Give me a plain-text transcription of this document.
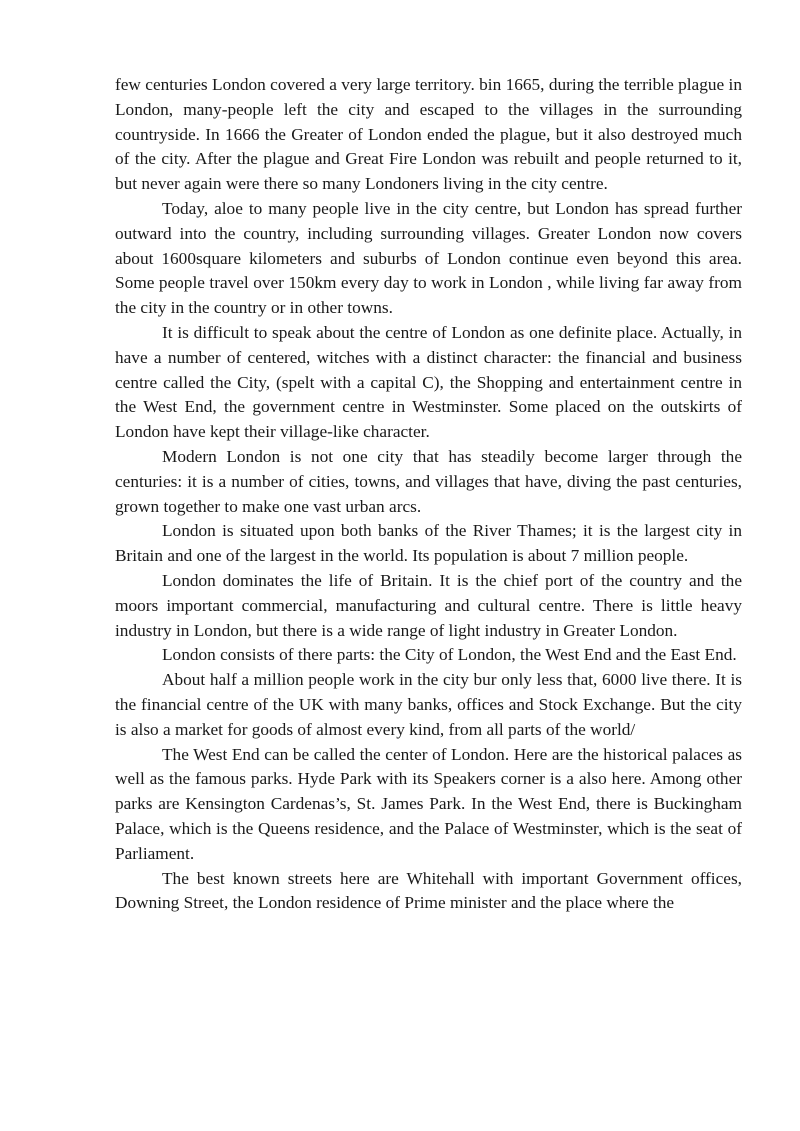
few centuries London covered a very large territory. bin 1665, during the terrible plague in London, many-people left the city and escaped to the villages in the surrounding countryside. In 1666 the Greater of London ended the plague, but it also destroyed much of the city. After the plague and Great Fire London was rebuilt and people returned to it, but never again were there so many Londoners living in the city centre.

Today, aloe to many people live in the city centre, but London has spread further outward into the country, including surrounding villages. Greater London now covers about 1600square kilometers and suburbs of London continue even beyond this area. Some people travel over 150km every day to work in London , while living far away from the city in the country or in other towns.

It is difficult to speak about the centre of London as one definite place. Actually, in have a number of centered, witches with a distinct character: the financial and business centre called the City, (spelt with a capital C), the Shopping and entertainment centre in the West End, the government centre in Westminster. Some placed on the outskirts of London have kept their village-like character.

Modern London is not one city that has steadily become larger through the centuries: it is a number of cities, towns, and villages that have, diving the past centuries, grown together to make one vast urban arcs.

London is situated upon both banks of the River Thames; it is the largest city in Britain and one of the largest in the world. Its population is about 7 million people.

London dominates the life of Britain. It is the chief port of the country and the moors important commercial, manufacturing and cultural centre. There is little heavy industry in London, but there is a wide range of light industry in Greater London.

London consists of there parts: the City of London, the West End and the East End.

About half a million people work in the city bur only less that, 6000 live there. It is the financial centre of the UK with many banks, offices and Stock Exchange. But the city is also a market for goods of almost every kind, from all parts of the world/

The West End can be called the center of London. Here are the historical palaces as well as the famous parks. Hyde Park with its Speakers corner is a also here. Among other parks are Kensington Cardenas’s, St. James Park. In the West End, there is Buckingham Palace, which is the Queens residence, and the Palace of Westminster, which is the seat of Parliament.

The best known streets here are Whitehall with important Government offices, Downing Street, the London residence of Prime minister and the place where the
